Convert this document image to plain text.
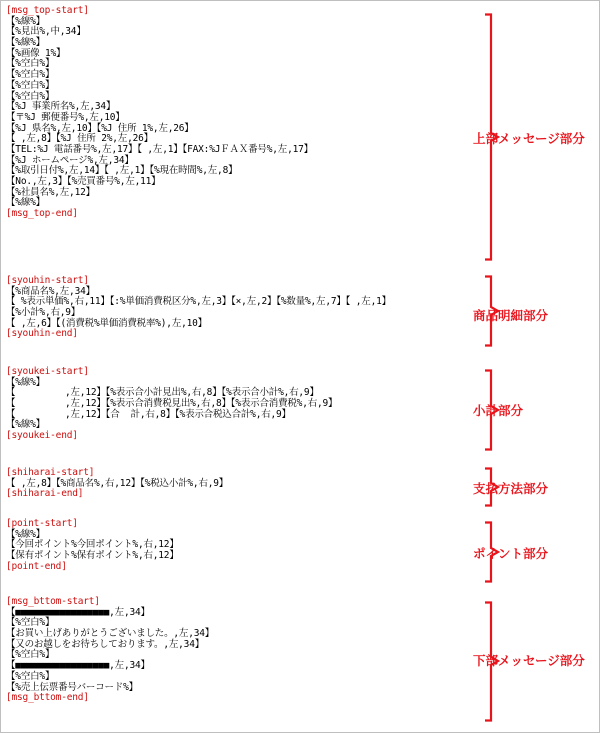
[msg_top-start]
【%線%】
【%見出%,中,34】
【%線%】
【%画像 1%】
【%空白%】
【%空白%】
【%空白%】
【%空白%】
【%J 事業所名%,左,34】
【〒%J 郵便番号%,左,10】
【%J 県名%,左,10】【%J 住所 1%,左,26】
【 ,左,8】【%J 住所 2%,左,26】
【TEL:%J 電話番号%,左,17】【 ,左,1】【FAX:%JＦＡＸ番号%,左,17】
【%J ホームページ%,左,34】
【%取引日付%,左,14】【 ,左,1】【%現在時間%,左,8】
【No.,左,3】【%売買番号%,左,11】
【%社員名%,左,12】
【%線%】
[msg_top-end]
上部メッセージ部分
[syouhin-start]
【%商品名%,左,34】
【 %表示単価%,右,11】【:%単価消費税区分%,左,3】【×,左,2】【%数量%,左,7】【 ,左,1】
【%小計%,右,9】
【 ,左,6】【(消費税%単価消費税率%),左,10】
[syouhin-end]
商品明細部分
[syoukei-start]
【%線%】
【         ,左,12】【%表示合小計見出%,右,8】【%表示合小計%,右,9】
【         ,左,12】【%表示合消費税見出%,右,8】【%表示合消費税%,右,9】
【         ,左,12】【合  計,右,8】【%表示合税込合計%,右,9】
【%線%】
[syoukei-end]
小計部分
[shiharai-start]
【 ,左,8】【%商品名%,右,12】【%税込小計%,右,9】
[shiharai-end]	支払方法部分
[point-start]
【%線%】
【今回ポイント%今回ポイント%,右,12】
【保有ポイント%保有ポイント%,右,12】
[point-end]
ポイント部分
[msg_bttom-start]
【■■■■■■■■■■■■■■■■■,左,34】
【%空白%】
【お買い上げありがとうございました。,左,34】
【又のお越しをお待ちしております。,左,34】
【%空白%】
【■■■■■■■■■■■■■■■■■,左,34】
【%空白%】
【%売上伝票番号バーコード%】
[msg_bttom-end]
下部メッセージ部分
